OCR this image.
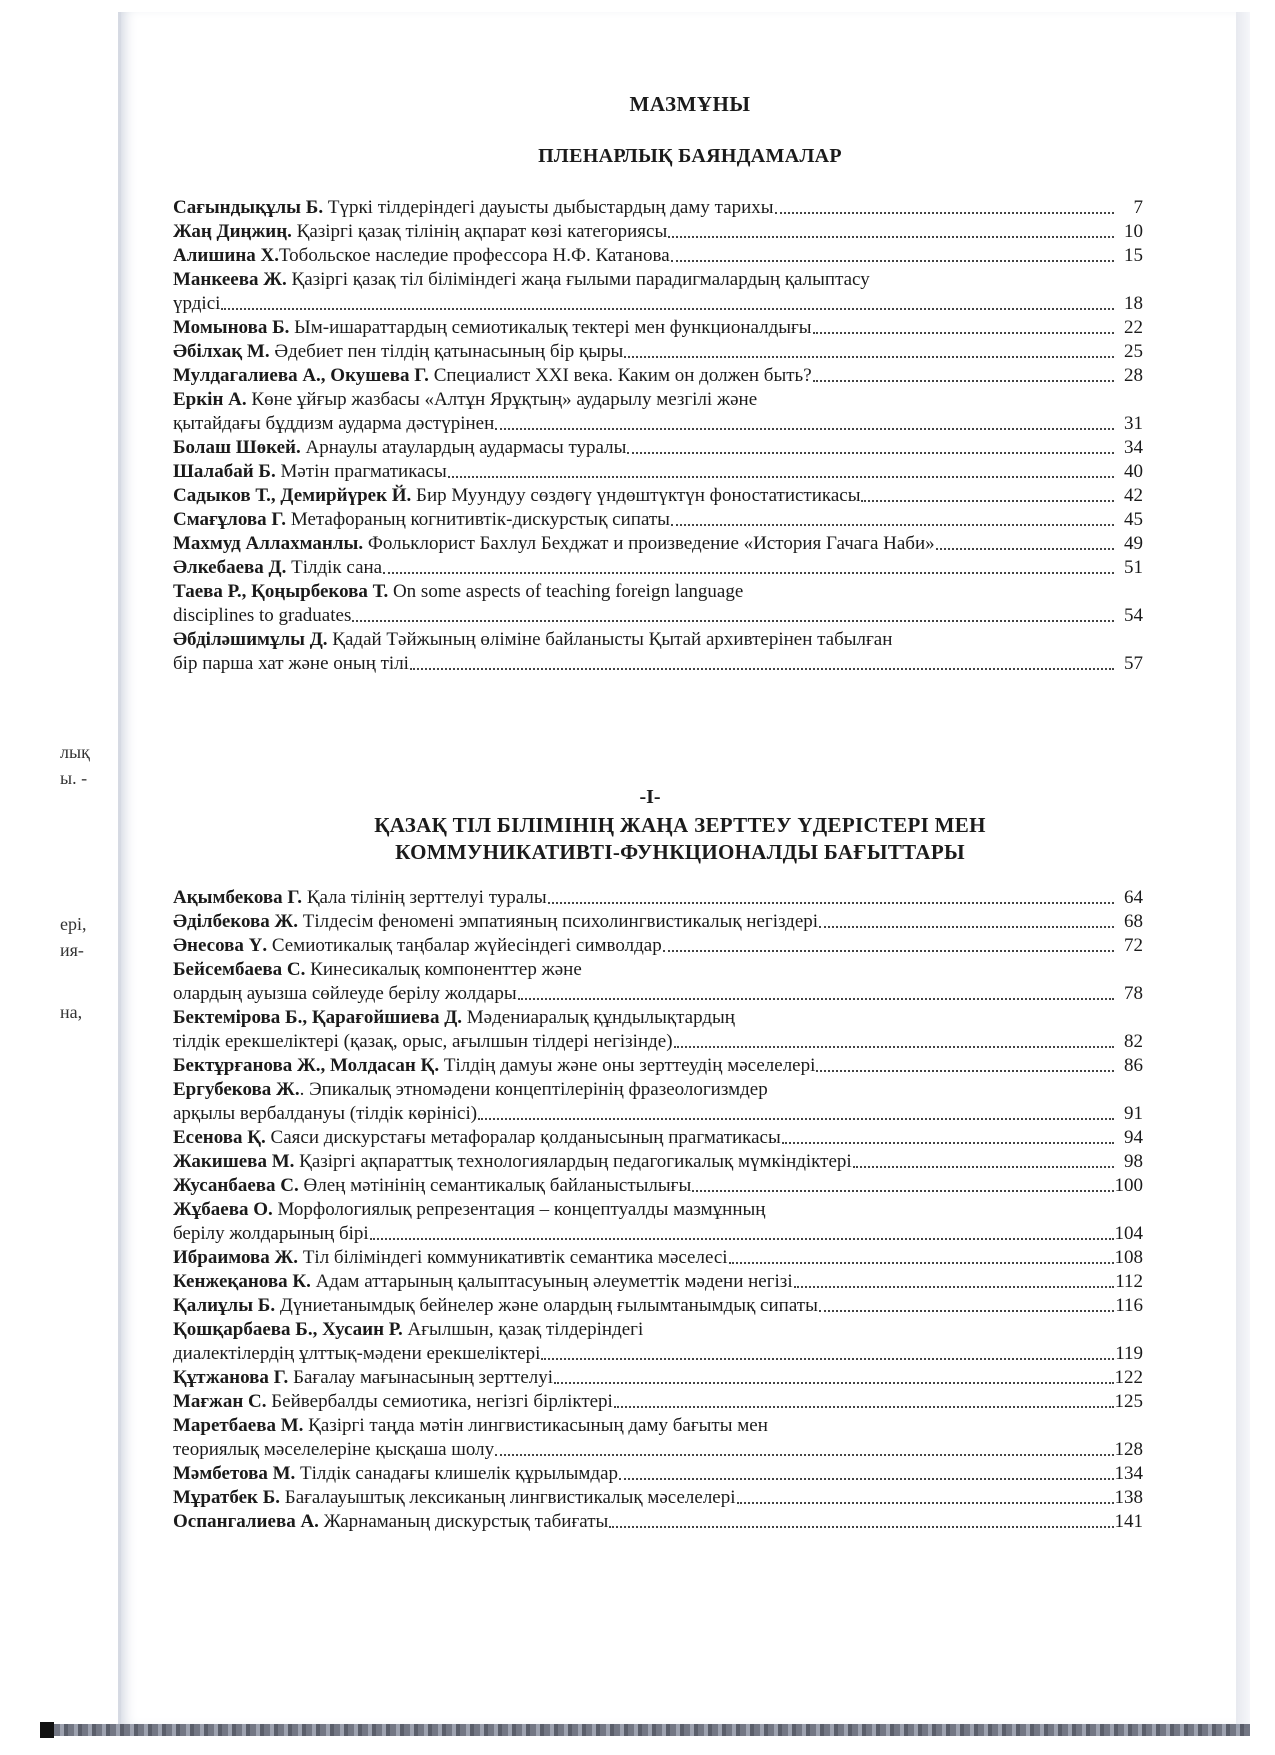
лық
ы. -
ері,
ия-
на,
МАЗМҰНЫ
ПЛЕНАРЛЫҚ БАЯНДАМАЛАР
Сағындықұлы Б. Түркі тілдеріндегі дауысты дыбыстардың даму тарихы	7
Жаң Диңжиң. Қазіргі қазақ тілінің ақпарат көзі категориясы	10
Алишина Х.Тобольское наследие профессора Н.Ф. Катанова	15
Манкеева Ж. Қазіргі қазақ тіл біліміндегі жаңа ғылыми парадигмалардың қалыптасу
үрдісі	18
Момынова Б. Ым-ишараттардың семиотикалық тектері мен функционалдығы	22
Әбілхақ М. Әдебиет пен тілдің қатынасының бір қыры	25
Мулдагалиева А., Окушева Г. Специалист XXI века. Каким он должен быть?	28
Еркін А. Көне ұйғыр жазбасы «Алтұн Ярұқтың» аударылу мезгілі және
қытайдағы бұддизм аударма дәстүрінен	31
Болаш Шөкей. Арнаулы атаулардың аудармасы туралы	34
Шалабай Б. Мәтін прагматикасы	40
Садыков Т., Демирйүрек Й. Бир Муундуу сөздөгү үндөштүктүн фоностатистикасы	42
Смағұлова Г. Метафораның когнитивтік-дискурстық сипаты	45
Махмуд Аллахманлы. Фольклорист Бахлул Бехджат и произведение «История Гачага Наби»	49
Әлкебаева Д. Тілдік сана	51
Таева Р., Қоңырбекова Т. On some aspects of teaching foreign language
disciplines to graduates	54
Әбділәшимұлы Д. Қадай Тәйжының өліміне байланысты Қытай архивтерінен табылған
бір парша хат және оның тілі	57
-I-
ҚАЗАҚ ТІЛ БІЛІМІНІҢ ЖАҢА ЗЕРТТЕУ ҮДЕРІСТЕРІ МЕН
КОММУНИКАТИВТІ-ФУНКЦИОНАЛДЫ БАҒЫТТАРЫ
Ақымбекова Г. Қала тілінің зерттелуі туралы	64
Әділбекова Ж. Тілдесім феномені эмпатияның психолингвистикалық негіздері	68
Әнесова Ү. Семиотикалық таңбалар жүйесіндегі символдар	72
Бейсембаева С. Кинесикалық компоненттер және
олардың ауызша сөйлеуде берілу жолдары	78
Бектемірова Б., Қарағойшиева Д. Мәдениаралық құндылықтардың
тілдік ерекшеліктері (қазақ, орыс, ағылшын тілдері негізінде)	82
Бектұрғанова Ж., Молдасан Қ. Тілдің дамуы және оны зерттеудің мәселелері	86
Ергубекова Ж.. Эпикалық этномәдени концептілерінің фразеологизмдер
арқылы вербалдануы (тілдік көрінісі)	91
Есенова Қ. Саяси дискурстағы метафоралар қолданысының прагматикасы	94
Жакишева М. Қазіргі ақпараттық технологиялардың педагогикалық мүмкіндіктері	98
Жусанбаева С. Өлең мәтінінің семантикалық байланыстылығы	100
Жұбаева О. Морфологиялық репрезентация – концептуалды мазмұнның
берілу жолдарының бірі	104
Ибраимова Ж. Тіл біліміндегі коммуникативтік семантика мәселесі	108
Кенжеқанова К. Адам аттарының қалыптасуының әлеуметтік мәдени негізі	112
Қалиұлы Б. Дүниетанымдық бейнелер және олардың ғылымтанымдық сипаты	116
Қошқарбаева Б., Хусаин Р. Ағылшын, қазақ тілдеріндегі
диалектілердің ұлттық-мәдени ерекшеліктері	119
Құтжанова Г. Бағалау мағынасының зерттелуі	122
Мағжан С. Бейвербалды семиотика, негізгі бірліктері	125
Маретбаева М. Қазіргі таңда мәтін лингвистикасының даму бағыты мен
теориялық мәселелеріне қысқаша шолу	128
Мәмбетова М. Тілдік санадағы клишелік құрылымдар	134
Мұратбек Б. Бағалауыштық лексиканың лингвистикалық мәселелері	138
Оспангалиева А. Жарнаманың дискурстық табиғаты	141
